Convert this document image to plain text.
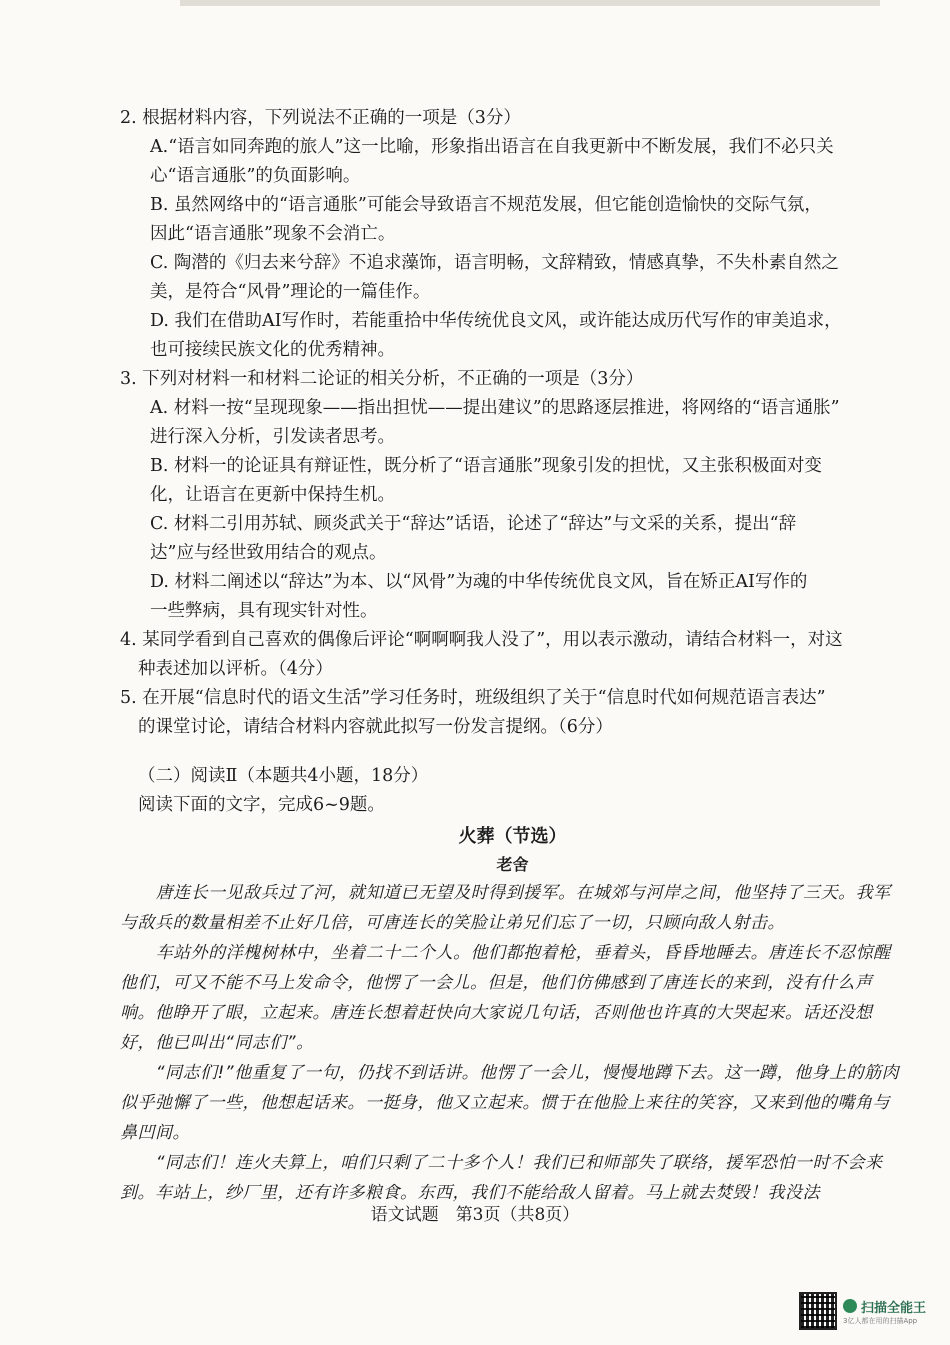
2. 根据材料内容，下列说法不正确的一项是（3分）
A.“语言如同奔跑的旅人”这一比喻，形象指出语言在自我更新中不断发展，我们不必只关
心“语言通胀”的负面影响。
B. 虽然网络中的“语言通胀”可能会导致语言不规范发展，但它能创造愉快的交际气氛，
因此“语言通胀”现象不会消亡。
C. 陶潜的《归去来兮辞》不追求藻饰，语言明畅，文辞精致，情感真挚，不失朴素自然之
美，是符合“风骨”理论的一篇佳作。
D. 我们在借助AI写作时，若能重拾中华传统优良文风，或许能达成历代写作的审美追求，
也可接续民族文化的优秀精神。
3. 下列对材料一和材料二论证的相关分析，不正确的一项是（3分）
A. 材料一按“呈现现象——指出担忧——提出建议”的思路逐层推进，将网络的“语言通胀”
进行深入分析，引发读者思考。
B. 材料一的论证具有辩证性，既分析了“语言通胀”现象引发的担忧，又主张积极面对变
化，让语言在更新中保持生机。
C. 材料二引用苏轼、顾炎武关于“辞达”话语，论述了“辞达”与文采的关系，提出“辞
达”应与经世致用结合的观点。
D. 材料二阐述以“辞达”为本、以“风骨”为魂的中华传统优良文风，旨在矫正AI写作的
一些弊病，具有现实针对性。
4. 某同学看到自己喜欢的偶像后评论“啊啊啊我人没了”，用以表示激动，请结合材料一，对这
种表述加以评析。（4分）
5. 在开展“信息时代的语文生活”学习任务时，班级组织了关于“信息时代如何规范语言表达”
的课堂讨论，请结合材料内容就此拟写一份发言提纲。（6分）
（二）阅读Ⅱ（本题共4小题，18分）
阅读下面的文字，完成6~9题。
火葬（节选）
老舍
唐连长一见敌兵过了河，就知道已无望及时得到援军。在城郊与河岸之间，他坚持了三天。我军与敌兵的数量相差不止好几倍，可唐连长的笑脸让弟兄们忘了一切，只顾向敌人射击。
车站外的洋槐树林中，坐着二十二个人。他们都抱着枪，垂着头，昏昏地睡去。唐连长不忍惊醒他们，可又不能不马上发命令，他愣了一会儿。但是，他们仿佛感到了唐连长的来到，没有什么声响。他睁开了眼，立起来。唐连长想着赶快向大家说几句话，否则他也许真的大哭起来。话还没想好，他已叫出“同志们”。
“同志们!”他重复了一句，仍找不到话讲。他愣了一会儿，慢慢地蹲下去。这一蹲，他身上的筋肉似乎弛懈了一些，他想起话来。一挺身，他又立起来。惯于在他脸上来往的笑容，又来到他的嘴角与鼻凹间。
“同志们！连火夫算上，咱们只剩了二十多个人！我们已和师部失了联络，援军恐怕一时不会来到。车站上，纱厂里，还有许多粮食。东西，我们不能给敌人留着。马上就去焚毁！我没法
语文试题　第3页（共8页）
扫描全能王
3亿人都在用的扫描App
